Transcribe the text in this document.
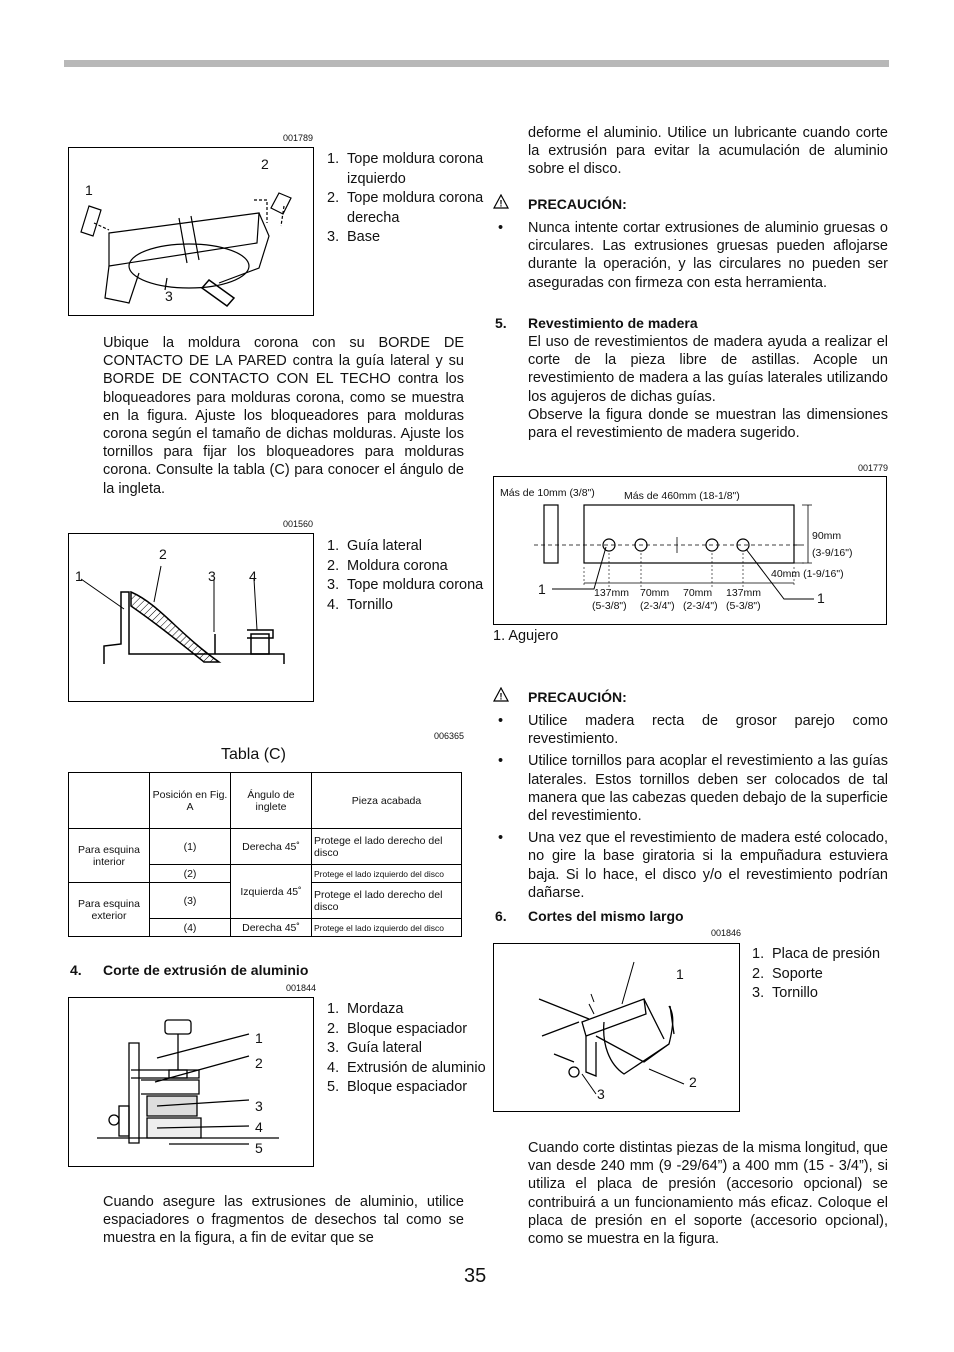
001789
1
2
3
1. Tope moldura corona izquierdo
2. Tope moldura corona derecha
3. Base

Ubique la moldura corona con su BORDE DE CONTACTO DE LA PARED contra la guía lateral y su BORDE DE CONTACTO CON EL TECHO contra los bloqueadores para molduras corona, como se muestra en la figura. Ajuste los bloqueadores para molduras corona según el tamaño de dichas molduras. Ajuste los tornillos para fijar los bloqueadores para molduras corona. Consulte la tabla (C) para conocer el ángulo de la ingleta.

001560
1
2
3 4
1. Guía lateral
2. Moldura corona
3. Tope moldura corona
4. Tornillo
006365
Tabla (C)
	Posición en Fig. A	Ángulo de inglete	Pieza acabada
Para esquina interior	(1)	Derecha 45˚	Protege el lado derecho del disco
	(2)	Izquierda 45˚	Protege el lado izquierdo del disco
Para esquina exterior	(3)		Protege el lado derecho del disco
	(4)	Derecha 45˚	Protege el lado izquierdo del disco
4. Corte de extrusión de aluminio
001844
1
2
3
4
5
1. Mordaza
2. Bloque espaciador
3. Guía lateral
4. Extrusión de aluminio
5. Bloque espaciador

Cuando asegure las extrusiones de aluminio, utilice espaciadores o fragmentos de desechos tal como se muestra en la figura, a fin de evitar que se

deforme el aluminio. Utilice un lubricante cuando corte la extrusión para evitar la acumulación de aluminio sobre el disco.

! PRECAUCIÓN:
• Nunca intente cortar extrusiones de aluminio gruesas o circulares. Las extrusiones gruesas pueden aflojarse durante la operación, y las circulares no pueden ser aseguradas con firmeza con esta herramienta.
5. Revestimiento de madera

El uso de revestimientos de madera ayuda a realizar el corte de la pieza libre de astillas. Acople un revestimiento de madera a las guías laterales utilizando los agujeros de dichas guías.

Observe la figura donde se muestran las dimensiones para el revestimiento de madera sugerido.

001779
Más de 10mm (3/8")	Más de 460mm (18-1/8")
90mm
(3-9/16")
40mm (1-9/16")
137mm 70mm 70mm 137mm
(5-3/8") (2-3/4") (2-3/4") (5-3/8")
1
1
1. Agujero
! PRECAUCIÓN:
• Utilice madera recta de grosor parejo como revestimiento.
• Utilice tornillos para acoplar el revestimiento a las guías laterales. Estos tornillos deben ser colocados de tal manera que las cabezas queden debajo de la superficie del revestimiento.
• Una vez que el revestimiento de madera esté colocado, no gire la base giratoria si la empuñadura estuviera baja. Si lo hace, el disco y/o el revestimiento podrían dañarse.
6. Cortes del mismo largo
001846
1
2
3
1. Placa de presión
2. Soporte
3. Tornillo

Cuando corte distintas piezas de la misma longitud, que van desde 240 mm (9 -29/64”) a 400 mm (15 - 3/4”), si utiliza el placa de presión (accesorio opcional) se contribuirá a un funcionamiento más eficaz. Coloque el placa de presión en el soporte (accesorio opcional), como se muestra en la figura.

35
